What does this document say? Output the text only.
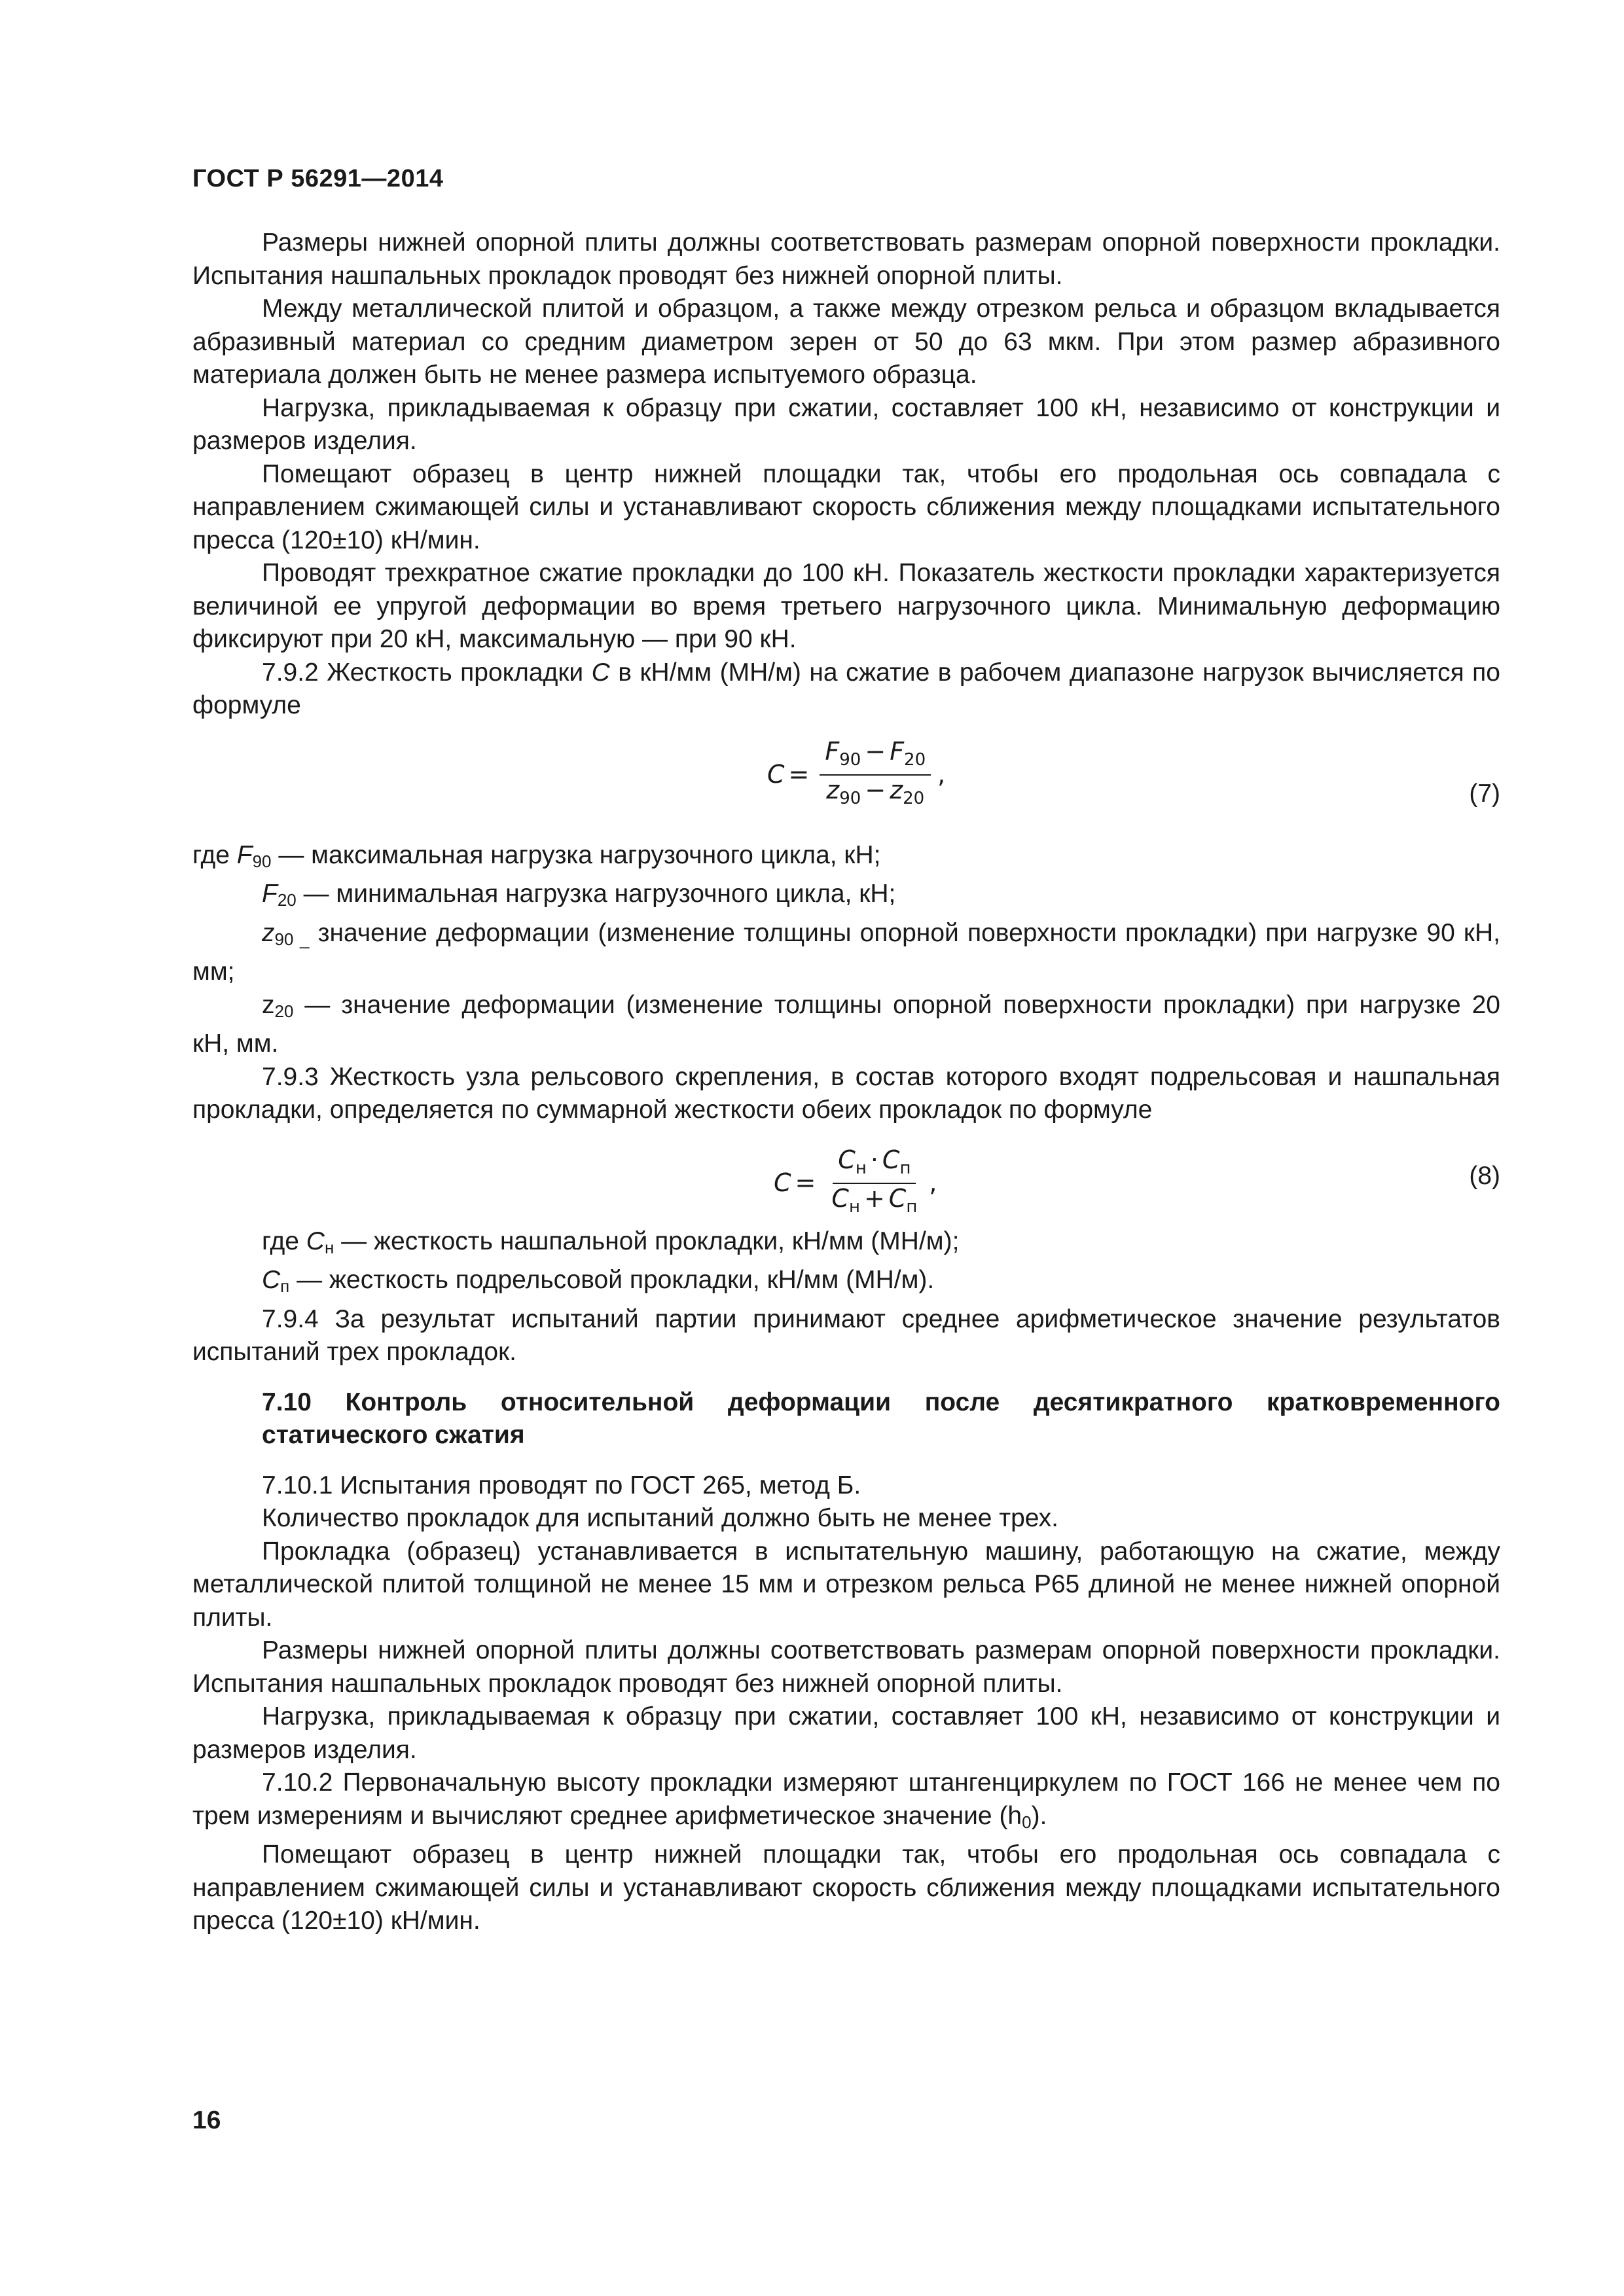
ГОСТ Р 56291—2014

Размеры нижней опорной плиты должны соответствовать размерам опорной поверхности прокладки. Испытания нашпальных прокладок проводят без нижней опорной плиты.

Между металлической плитой и образцом, а также между отрезком рельса и образцом вкладывается абразивный материал со средним диаметром зерен от 50 до 63 мкм. При этом размер абразивного материала должен быть не менее размера испытуемого образца.

Нагрузка, прикладываемая к образцу при сжатии, составляет 100 кН, независимо от конструкции и размеров изделия.

Помещают образец в центр нижней площадки так, чтобы его продольная ось совпадала с направлением сжимающей силы и устанавливают скорость сближения между площадками испытательного пресса (120±10) кН/мин.

Проводят трехкратное сжатие прокладки до 100 кН. Показатель жесткости прокладки характеризуется величиной ее упругой деформации во время третьего нагрузочного цикла. Минимальную деформацию фиксируют при 20 кН, максимальную — при 90 кН.

7.9.2 Жесткость прокладки C в кН/мм (МН/м) на сжатие в рабочем диапазоне нагрузок вычисляется по формуле

$C = \frac{F_{90} - F_{20}}{z_{90} - z_{20}}$ ,
(7)

где $F_{90}$ — максимальная нагрузка нагрузочного цикла, кН;

$F_{20}$ — минимальная нагрузка нагрузочного цикла, кН;

$z_{90 \_}$ значение деформации (изменение толщины опорной поверхности прокладки) при нагрузке 90 кН, мм;

$z_{20}$ — значение деформации (изменение толщины опорной поверхности прокладки) при нагрузке 20 кН, мм.

7.9.3 Жесткость узла рельсового скрепления, в состав которого входят подрельсовая и нашпальная прокладки, определяется по суммарной жесткости обеих прокладок по формуле

$C = \frac{C_н \cdot C_п}{C_н + C_п}$ ,	(8)

где $C_н$ — жесткость нашпальной прокладки, кН/мм (МН/м);

$C_п$ — жесткость подрельсовой прокладки, кН/мм (МН/м).

7.9.4 За результат испытаний партии принимают среднее арифметическое значение результатов испытаний трех прокладок.

7.10 Контроль относительной деформации после десятикратного кратковременного статического сжатия

7.10.1 Испытания проводят по ГОСТ 265, метод Б.

Количество прокладок для испытаний должно быть не менее трех.

Прокладка (образец) устанавливается в испытательную машину, работающую на сжатие, между металлической плитой толщиной не менее 15 мм и отрезком рельса Р65 длиной не менее нижней опорной плиты.

Размеры нижней опорной плиты должны соответствовать размерам опорной поверхности прокладки. Испытания нашпальных прокладок проводят без нижней опорной плиты.

Нагрузка, прикладываемая к образцу при сжатии, составляет 100 кН, независимо от конструкции и размеров изделия.

7.10.2 Первоначальную высоту прокладки измеряют штангенциркулем по ГОСТ 166 не менее чем по трем измерениям и вычисляют среднее арифметическое значение $(h_0)$.

Помещают образец в центр нижней площадки так, чтобы его продольная ось совпадала с направлением сжимающей силы и устанавливают скорость сближения между площадками испытательного пресса (120±10) кН/мин.

16
